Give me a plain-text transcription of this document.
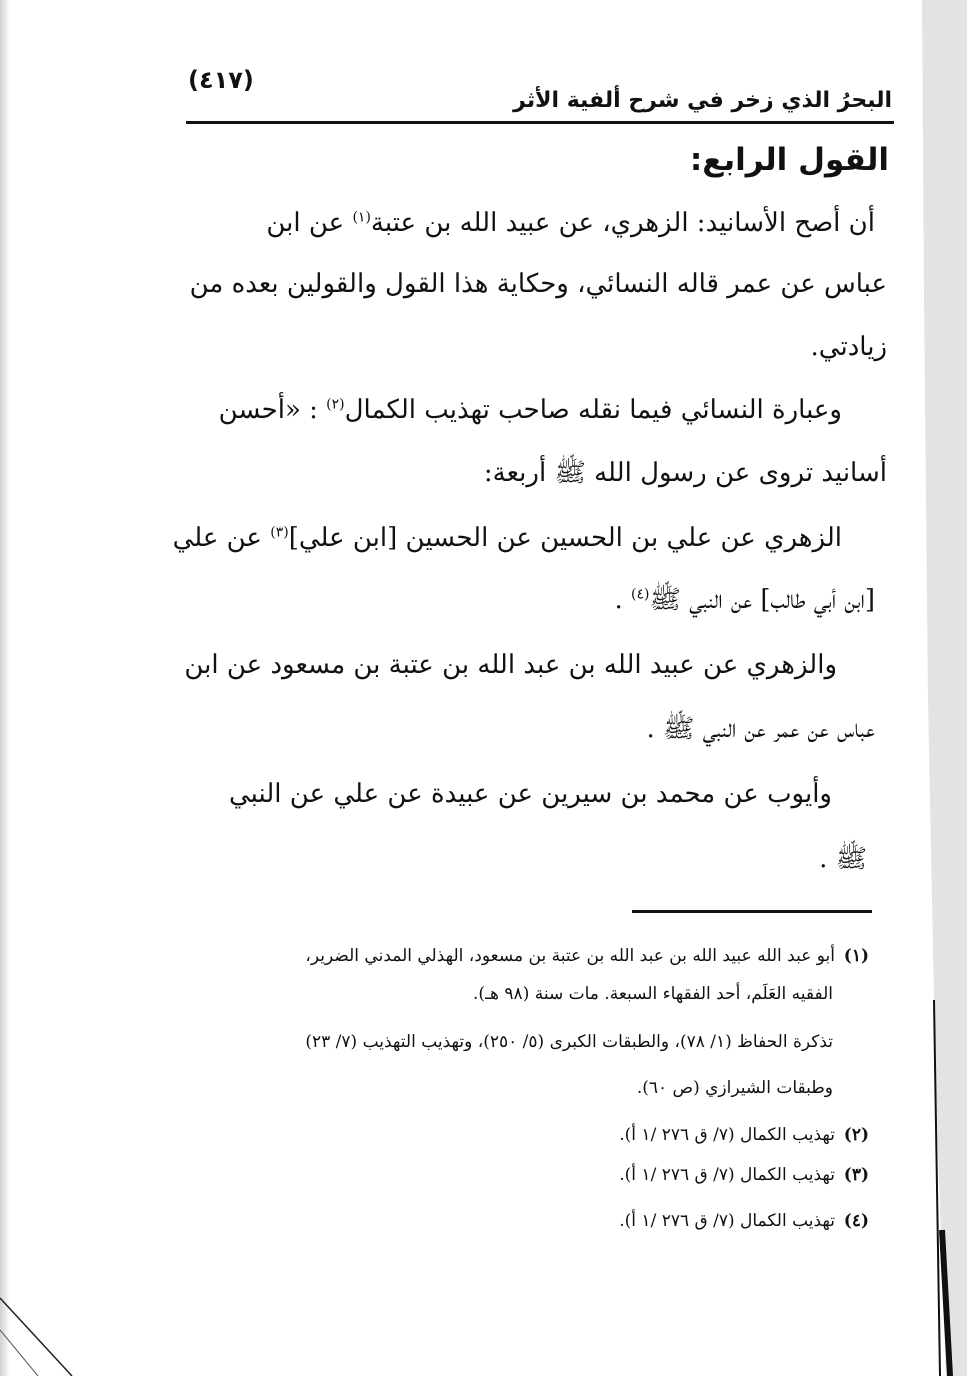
(٤١٧)
البحرُ الذي زخر في شرح ألفية الأثر
القول الرابع:
أن أصح الأسانيد: الزهري، عن عبيد الله بن عتبة$^{(١)}$ عن ابن
عباس عن عمر قاله النسائي، وحكاية هذا القول والقولين بعده من
زيادتي.
وعبارة النسائي فيما نقله صاحب تهذيب الكمال$^{(٢)}$ : «أحسن
أسانيد تروى عن رسول الله ﷺ أربعة:
الزهري عن علي بن الحسين عن الحسين [ابن علي]$^{(٣)}$ عن علي
[ابن أبي طالب] عن النبي ﷺ$^{(٤)}$ .
والزهري عن عبيد الله بن عبد الله بن عتبة بن مسعود عن ابن
عباس عن عمر عن النبي ﷺ .
وأيوب عن محمد بن سيرين عن عبيدة عن علي عن النبي
ﷺ .
(١)أبو عبد الله عبيد الله بن عبد الله بن عتبة بن مسعود، الهذلي المدني الضرير،
الفقيه العَلَم، أحد الفقهاء السبعة. مات سنة (٩٨ هـ).
تذكرة الحفاظ (١/ ٧٨)، والطبقات الكبرى (٥/ ٢٥٠)، وتهذيب التهذيب (٧/ ٢٣)
وطبقات الشيرازي (ص ٦٠).
(٢)تهذيب الكمال (٧/ ق ٢٧٦ /١ أ).
(٣)تهذيب الكمال (٧/ ق ٢٧٦ /١ أ).
(٤)تهذيب الكمال (٧/ ق ٢٧٦ /١ أ).
